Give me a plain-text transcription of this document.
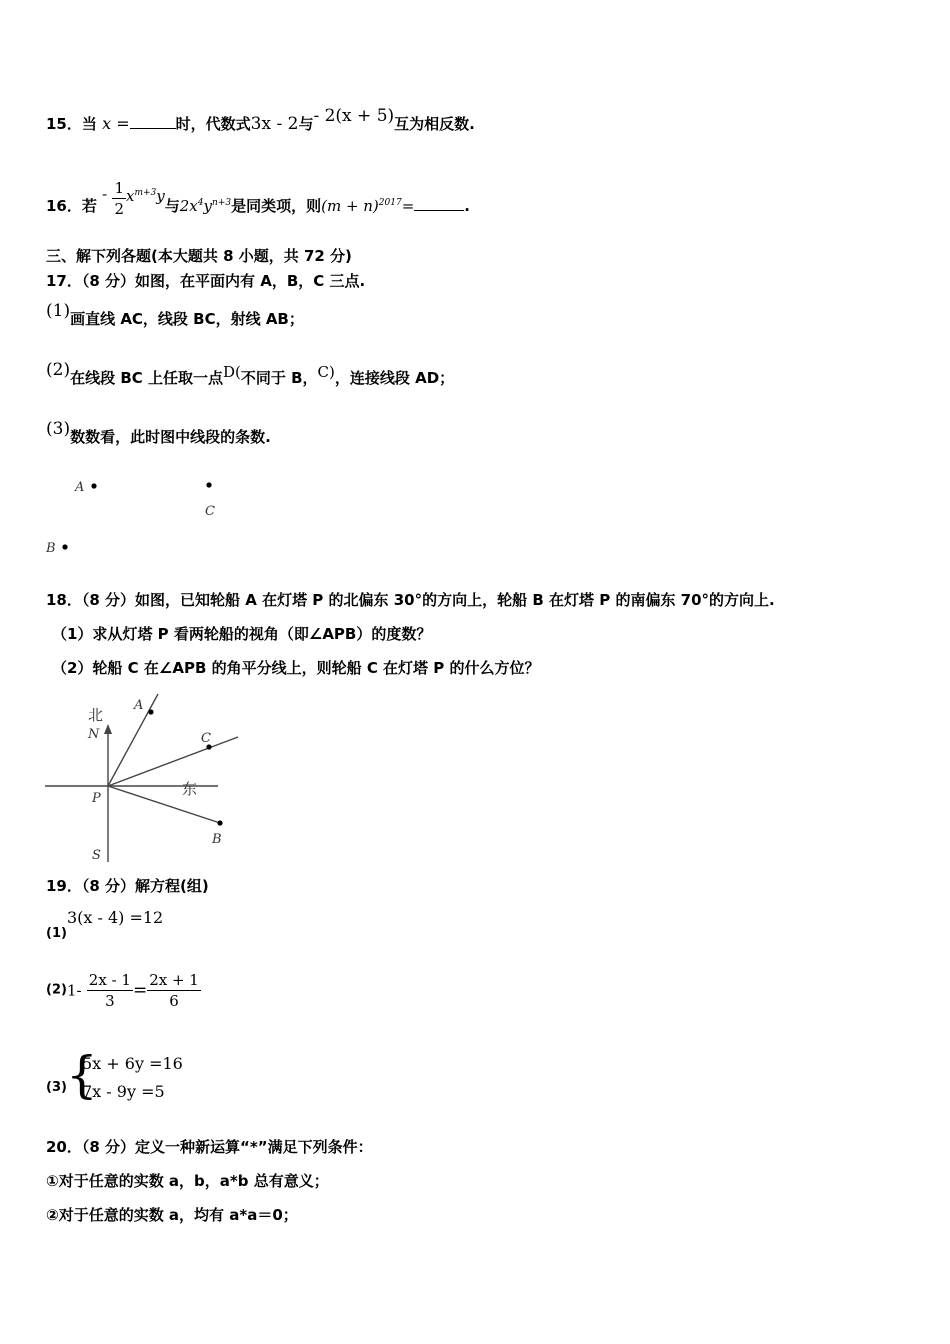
15．当 x =	时，代数式3x - 2与- 2(x + 5)互为相反数.
16．若 - $\frac{1}{2} x^{m+3}y$与$2x^4y^{n+3}$是同类项，则$(m + n)^{2017}=$	.
三、解下列各题(本大题共 8 小题，共 72 分)
17．（8 分）如图，在平面内有 A，B，C 三点.
(1)画直线 AC，线段 BC，射线 AB；
(2)在线段 BC 上任取一点D(不同于 B，C)，连接线段 AD；
(3)数数看，此时图中线段的条数.
A
C
B
18．（8 分）如图，已知轮船 A 在灯塔 P 的北偏东 30°的方向上，轮船 B 在灯塔 P 的南偏东 70°的方向上.
（1）求从灯塔 P 看两轮船的视角（即∠APB）的度数？
（2）轮船 C 在∠APB 的角平分线上，则轮船 C 在灯塔 P 的什么方位？
北
N
A
C
P
东
B
S
19．（8 分）解方程(组)
(1)3(x - 4) =12
$(2)1- \frac{2x - 1}{3} = \frac{2x + 1}{6}$
(3) {
5x + 6y =16
7x - 9y =5
20．（8 分）定义一种新运算“*”满足下列条件：
①对于任意的实数 a，b，a*b 总有意义；
②对于任意的实数 a，均有 a*a＝0；
